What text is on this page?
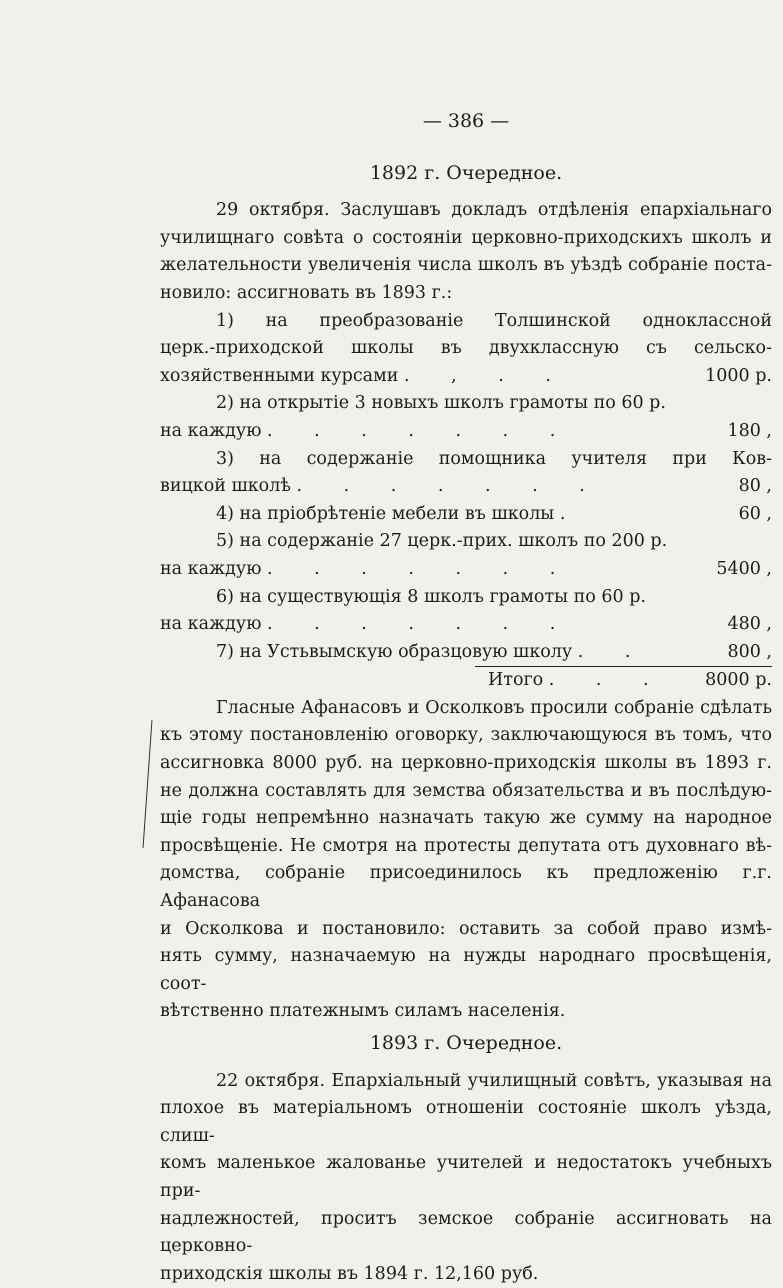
— 386 —
1892 г. Очередное.
29 октября. Заслушавъ докладъ отдѣленія епархіальнаго
училищнаго совѣта о состояніи церковно-приходскихъ школъ и
желательности увеличенія числа школъ въ уѣздѣ собраніе поста-
новило: ассигновать въ 1893 г.:
1) на преобразованіе Толшинской одноклассной
церк.-приходской школы въ двухклассную съ сельско-
хозяйственными курсами . , . .	1000 р.
2) на открытіе 3 новыхъ школъ грамоты по 60 р.
на каждую . . . . . . .	180 ,
3) на содержаніе помощника учителя при Ков-
вицкой школѣ . . . . . . .	80 ,
4) на пріобрѣтеніе мебели въ школы .	60 ,
5) на содержаніе 27 церк.-прих. школъ по 200 р.
на каждую . . . . . . .	5400 ,
6) на существующія 8 школъ грамоты по 60 р.
на каждую . . . . . . .	480 ,
7) на Устьвымскую образцовую школу . .	800 ,
Итого . . .	8000 р.
Гласные Афанасовъ и Осколковъ просили собраніе сдѣлать
къ этому постановленію оговорку, заключающуюся въ томъ, что
ассигновка 8000 руб. на церковно-приходскія школы въ 1893 г.
не должна составлять для земства обязательства и въ послѣдую-
щіе годы непремѣнно назначать такую же сумму на народное
просвѣщеніе. Не смотря на протесты депутата отъ духовнаго вѣ-
домства, собраніе присоединилось къ предложенію г.г. Афанасова
и Осколкова и постановило: оставить за собой право измѣ-
нять сумму, назначаемую на нужды народнаго просвѣщенія, соот-
вѣтственно платежнымъ силамъ населенія.
1893 г. Очередное.
22 октября. Епархіальный училищный совѣтъ, указывая на
плохое въ матеріальномъ отношеніи состояніе школъ уѣзда, слиш-
комъ маленькое жалованье учителей и недостатокъ учебныхъ при-
надлежностей, проситъ земское собраніе ассигновать на церковно-
приходскія школы въ 1894 г. 12,160 руб.
